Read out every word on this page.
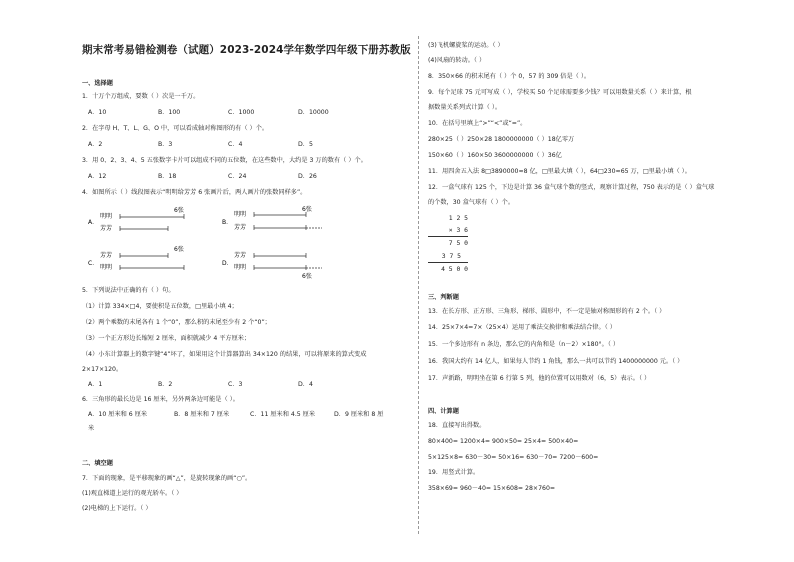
期末常考易错检测卷（试题）2023-2024学年数学四年级下册苏教版
一、选择题
1．十万个万组成，要数（ ）次是一千万。
A．10	B．100	C．1000	D．10000
2．在字母 H、T、L、G、O 中，可以看成轴对称图形的有（ ）个。
A．2	B．3	C．4	D．5
3．用 0、2、3、4、5 五张数字卡片可以组成不同的五位数，在这些数中，大约是 3 万的数有（ ）个。
A．12	B．18	C．24	D．26
4．如图所示（ ）线段图表示“明明给芳芳 6 张画片后，两人画片的张数同样多”。
A．
明明
芳芳
6张
B．
明明
芳芳
6张
C．
芳芳
明明
6张
D．
芳芳
明明
6张
5．下列说法中正确的有（ ）句。
（1）计算 334×□4，要使积是五位数，□里最小填 4；
（2）两个乘数的末尾各有 1 个“0”，那么积的末尾至少有 2 个“0”；
（3）一个正方形边长缩短 2 厘米，面积就减少 4 平方厘米；
（4）小东计算器上的数字键“4”坏了，如果用这个计算器算出 34×120 的结果，可以将原来的算式变成
2×17×120。
A．1	B．2	C．3	D．4
6．三角形的最长边是 16 厘米，另外两条边可能是（ ）。
A．10 厘米和 6 厘米	B．8 厘米和 7 厘米	C．11 厘米和 4.5 厘米	D．9 厘米和 8 厘
米
二、填空题
7．下面的现象，是平移现象的画“△”，是旋转现象的画“○”。
(1)观直梯道上运行的观光轿车。（ ）
(2)电梯的上下运行。（ ）
(3)飞机螺旋桨的运动。（ ）
(4)风扇的转动。（ ）
8．350×66 的积末尾有（ ）个 0，57 的 309 倍是（ ）。
9．每个足球 75 元可写成（ ），学校买 50 个足球需要多少钱？可以用数量关系（ ）来计算，根
据数量关系列式计算（ ）。
10．在括号里填上“>”“<”或“=”。
280×25（ ）250×28 1800000000（ ）18亿零万
150×60（ ）160×50 3600000000（ ）36亿
11．用四舍五入法 8□3890000≈8 亿，□里最大填（ ），64□230≈65 万，□里最小填（ ）。
12．一盒气球有 125 个，下边是计算 36 盒气球个数的竖式，观察计算过程，750 表示的是（ ）盒气球
的个数，30 盒气球有（ ）个。
1 2 5
× 3 6
7 5 0
3 7 5
4 5 0 0
三、判断题
13．在长方形、正方形、三角形、梯形、圆形中，不一定是轴对称图形的有 2 个。（ ）
14．25×7×4=7×（25×4）运用了乘法交换律和乘法结合律。（ ）
15．一个多边形有 n 条边，那么它的内角和是（n－2）×180°。（ ）
16．我国大约有 14 亿人，如果每人节约 1 角钱，那么一共可以节约 1400000000 元。（ ）
17．声新路，明明坐在第 6 行第 5 列，他的位置可以用数对（6，5）表示。（ ）
四、计算题
18．直接写出得数。
80×400= 1200×4= 900×50= 25×4= 500×40=
5×125×8= 630－30= 50×16= 630－70= 7200－600=
19．用竖式计算。
358×69= 960－40= 15×608= 28×760=
